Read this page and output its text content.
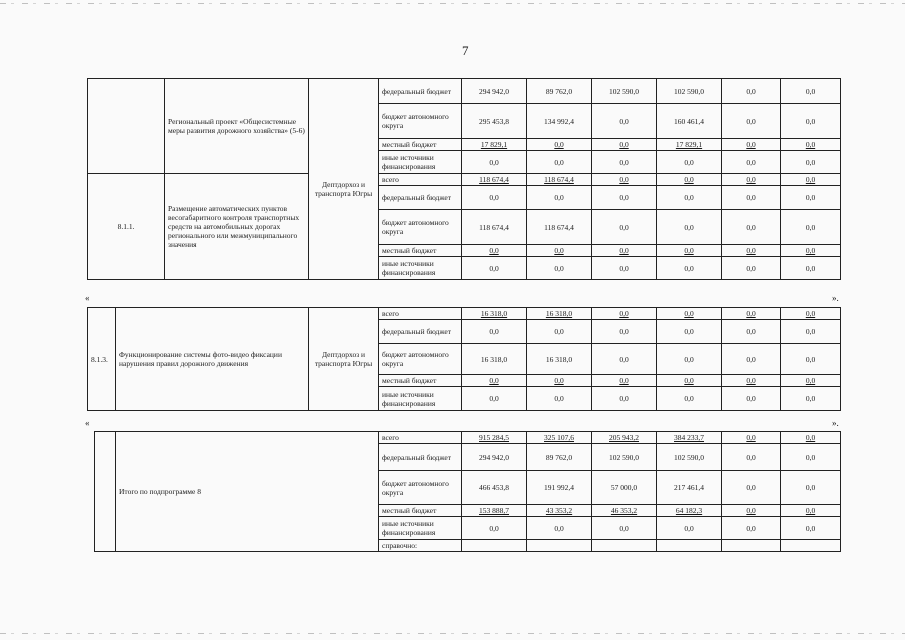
7
	Региональный проект «Общесистемные меры развития дорожного хозяйства» (5-6)	Дептдорхоз и транспорта Югры	федеральный бюджет	294 942,0	89 762,0	102 590,0	102 590,0	0,0	0,0
			бюджет автономного округа	295 453,8	134 992,4	0,0	160 461,4	0,0	0,0
			местный бюджет	17 829,1	0,0	0,0	17 829,1	0,0	0,0
			иные источники финансирования	0,0	0,0	0,0	0,0	0,0	0,0
8.1.1.	Размещение автоматических пунктов весогабаритного контроля транспортных средств на автомобильных дорогах регионального или межмуниципального значения		всего	118 674,4	118 674,4	0,0	0,0	0,0	0,0
			федеральный бюджет	0,0	0,0	0,0	0,0	0,0	0,0
			бюджет автономного округа	118 674,4	118 674,4	0,0	0,0	0,0	0,0
			местный бюджет	0,0	0,0	0,0	0,0	0,0	0,0
			иные источники финансирования	0,0	0,0	0,0	0,0	0,0	0,0
«	».
8.1.3.	Функционирование системы фото-видео фиксации нарушения правил дорожного движения	Дептдорхоз и транспорта Югры	всего	16 318,0	16 318,0	0,0	0,0	0,0	0,0
			федеральный бюджет	0,0	0,0	0,0	0,0	0,0	0,0
			бюджет автономного округа	16 318,0	16 318,0	0,0	0,0	0,0	0,0
			местный бюджет	0,0	0,0	0,0	0,0	0,0	0,0
			иные источники финансирования	0,0	0,0	0,0	0,0	0,0	0,0
«	».
	Итого по подпрограмме 8	всего	915 284,5	325 107,6	205 943,2	384 233,7	0,0	0,0
		федеральный бюджет	294 942,0	89 762,0	102 590,0	102 590,0	0,0	0,0
		бюджет автономного округа	466 453,8	191 992,4	57 000,0	217 461,4	0,0	0,0
		местный бюджет	153 888,7	43 353,2	46 353,2	64 182,3	0,0	0,0
		иные источники финансирования	0,0	0,0	0,0	0,0	0,0	0,0
		справочно:						
